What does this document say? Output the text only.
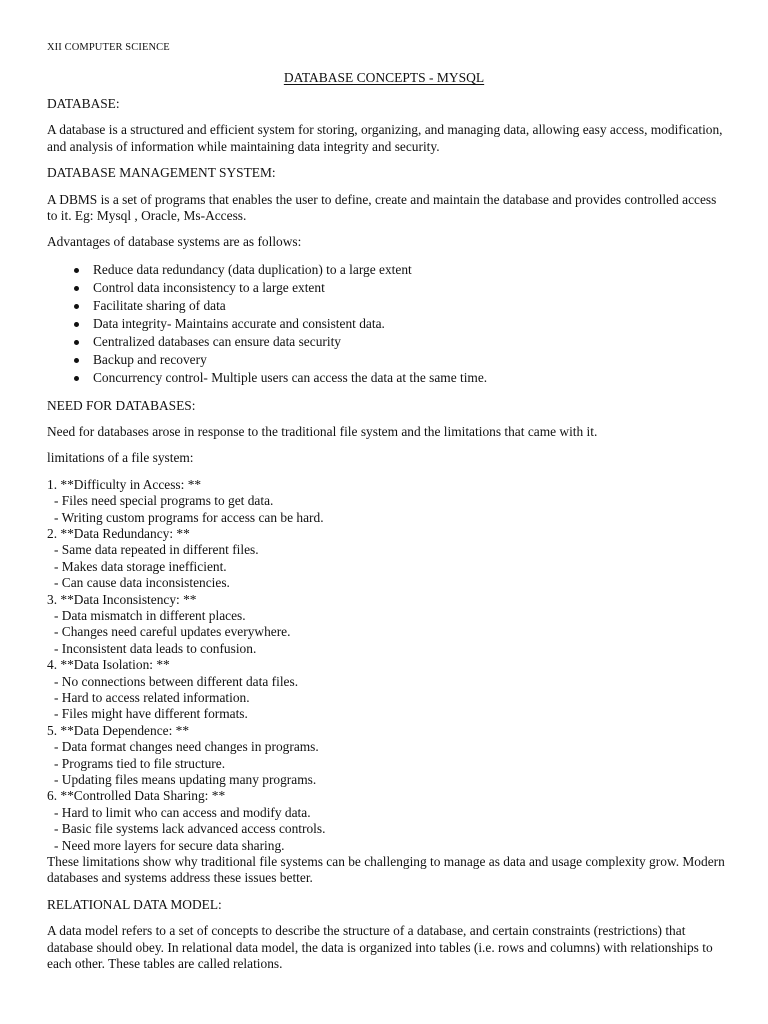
XII COMPUTER SCIENCE
DATABASE CONCEPTS - MYSQL
DATABASE:

A database is a structured and efficient system for storing, organizing, and managing data, allowing easy access, modification, and analysis of information while maintaining data integrity and security.

DATABASE MANAGEMENT SYSTEM:

A DBMS is a set of programs that enables the user to define, create and maintain the database and provides controlled access to it. Eg: Mysql , Oracle, Ms-Access.

Advantages of database systems are as follows:

Reduce data redundancy (data duplication) to a large extent
Control data inconsistency to a large extent
Facilitate sharing of data
Data integrity- Maintains accurate and consistent data.
Centralized databases can ensure data security
Backup and recovery
Concurrency control- Multiple users can access the data at the same time.
NEED FOR DATABASES:

Need for databases arose in response to the traditional file system and the limitations that came with it.

limitations of a file system:

1. **Difficulty in Access: **
- Files need special programs to get data.
- Writing custom programs for access can be hard.
2. **Data Redundancy: **
- Same data repeated in different files.
- Makes data storage inefficient.
- Can cause data inconsistencies.
3. **Data Inconsistency: **
- Data mismatch in different places.
- Changes need careful updates everywhere.
- Inconsistent data leads to confusion.
4. **Data Isolation: **
- No connections between different data files.
- Hard to access related information.
- Files might have different formats.
5. **Data Dependence: **
- Data format changes need changes in programs.
- Programs tied to file structure.
- Updating files means updating many programs.
6. **Controlled Data Sharing: **
- Hard to limit who can access and modify data.
- Basic file systems lack advanced access controls.
- Need more layers for secure data sharing.

These limitations show why traditional file systems can be challenging to manage as data and usage complexity grow. Modern databases and systems address these issues better.

RELATIONAL DATA MODEL:

A data model refers to a set of concepts to describe the structure of a database, and certain constraints (restrictions) that database should obey. In relational data model, the data is organized into tables (i.e. rows and columns) with relationships to each other. These tables are called relations.
